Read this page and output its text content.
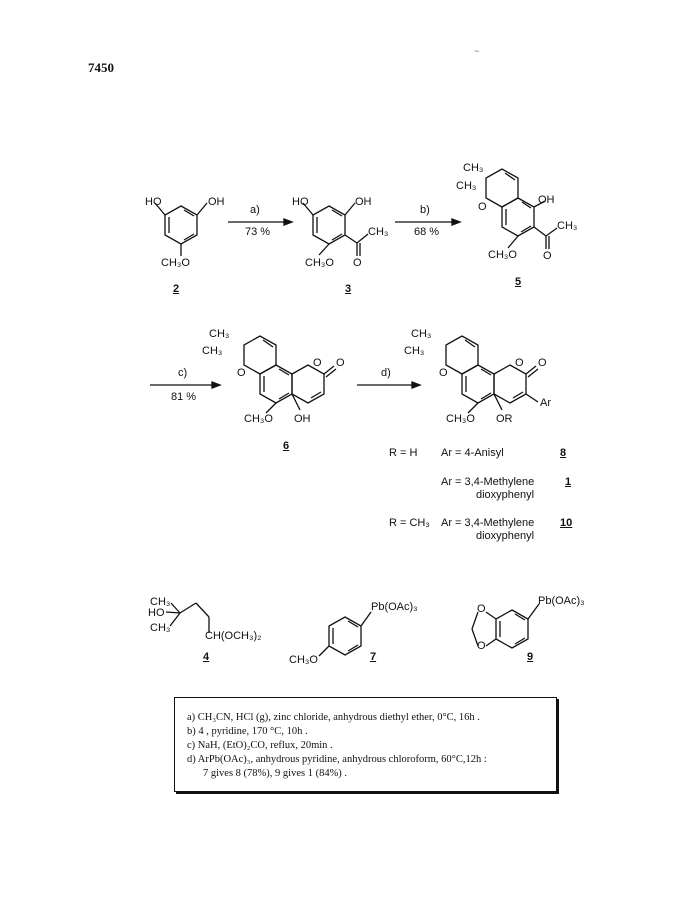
7450
~
HO	OH
CH₃O
2
a)
73 %
HO	OH
CH₃O
CH₃
O
3
b)
68 %
CH₃
CH₃
OH
O
CH₃
CH₃O O
5
c)
81 %
CH₃
CH₃
O O
O
CH₃O OH
6
d)
CH₃
CH₃
O O
O
Ar
CH₃O OR
R = H Ar = 4-Anisyl	8
Ar = 3,4-Methylene
dioxyphenyl
1
R = CH₃ Ar = 3,4-Methylene
dioxyphenyl
10
CH₃
HO
CH₃
CH(OCH₃)₂
4
Pb(OAc)₃
CH₃O	7
Pb(OAc)₃
O
O
9
a) CH₃CN, HCl (g), zinc chloride, anhydrous diethyl ether, 0°C, 16h .
b) 4 , pyridine, 170 °C, 10h .
c) NaH, (EtO)₂CO, reflux, 20min .
d) ArPb(OAc)₃, anhydrous pyridine, anhydrous chloroform, 60°C,12h :
7 gives 8 (78%), 9 gives 1 (84%) .
